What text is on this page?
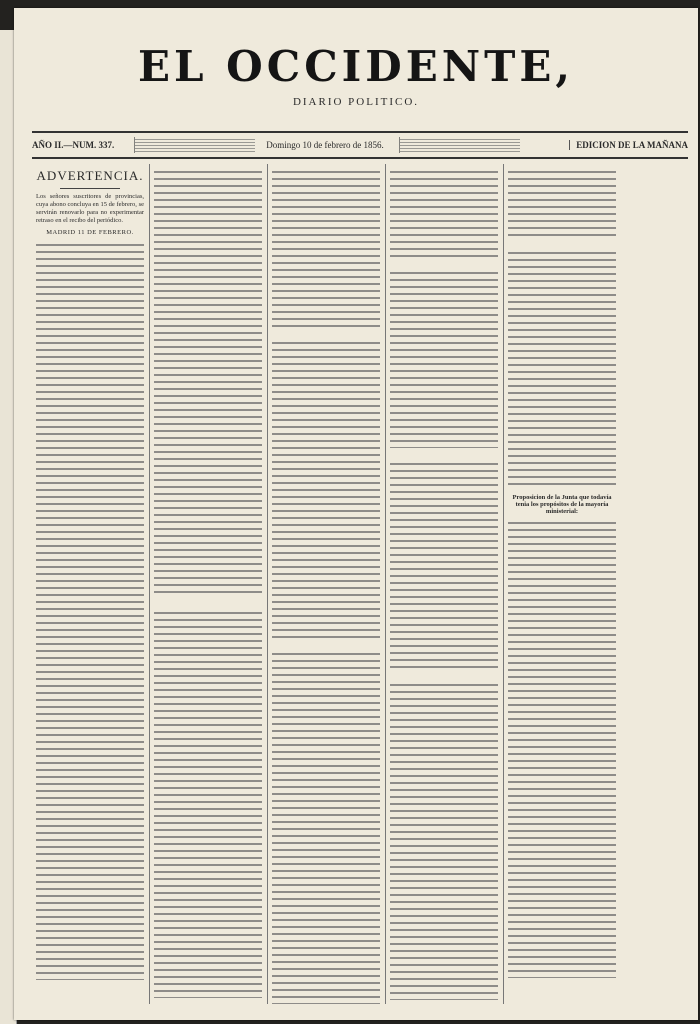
EL OCCIDENTE,
DIARIO POLITICO.
AÑO II.—NUM. 337.	Domingo 10 de febrero de 1856.	EDICION DE LA MAÑANA
ADVERTENCIA.
Los señores suscritores de provincias, cuya abono concluya en 15 de febrero, se servirán renovarlo para no experimentar retraso en el recibo del periódico.
MADRID 11 DE FEBRERO.
Proposicion de la Junta que todavía tenia los propósitos de la mayoría ministerial:
